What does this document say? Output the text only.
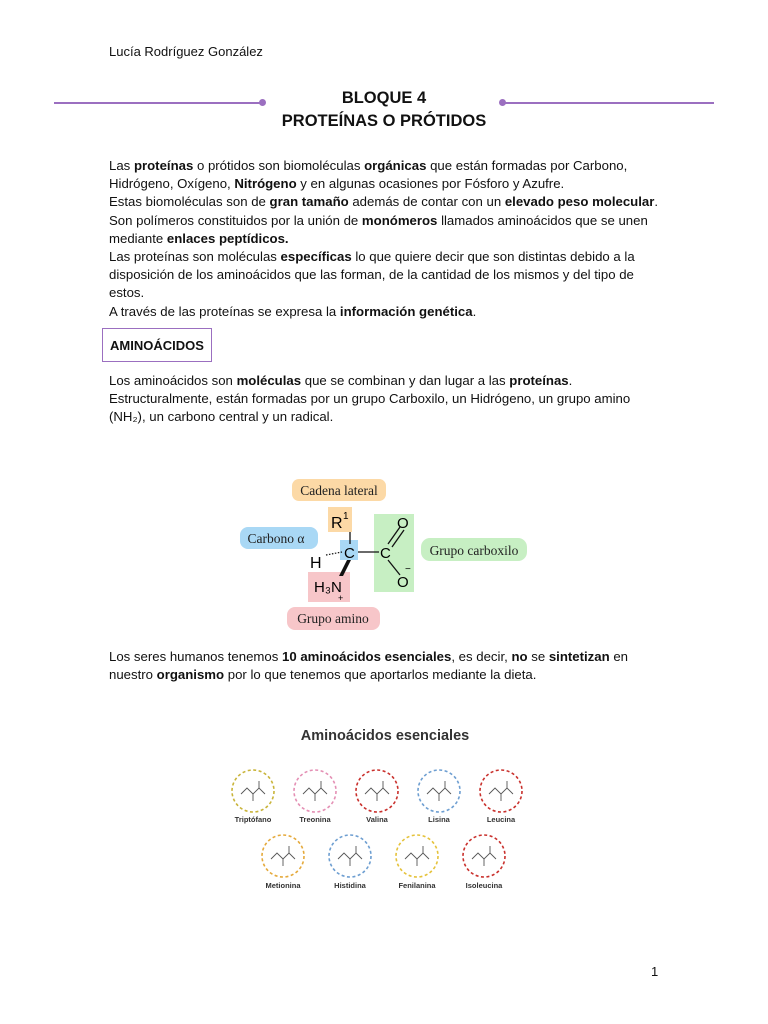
Lucía Rodríguez González
BLOQUE 4
PROTEÍNAS O PRÓTIDOS

Las proteínas o prótidos son biomoléculas orgánicas que están formadas por Carbono, Hidrógeno, Oxígeno, Nitrógeno y en algunas ocasiones por Fósforo y Azufre.

Estas biomoléculas son de gran tamaño además de contar con un elevado peso molecular. Son polímeros constituidos por la unión de monómeros llamados aminoácidos que se unen mediante enlaces peptídicos.

Las proteínas son moléculas específicas lo que quiere decir que son distintas debido a la disposición de los aminoácidos que las forman, de la cantidad de los mismos y del tipo de estos.

A través de las proteínas se expresa la información genética.

AMINOÁCIDOS

Los aminoácidos son moléculas que se combinan y dan lugar a las proteínas. Estructuralmente, están formadas por un grupo Carboxilo, un Hidrógeno, un grupo amino (NH₂), un carbono central y un radical.

Cadena lateral
Carbono α
Grupo carboxilo
Grupo amino
R 1
H
C C
O
O
−
H₃N
+

Los seres humanos tenemos 10 aminoácidos esenciales, es decir, no se sintetizan en nuestro organismo por lo que tenemos que aportarlos mediante la dieta.

Aminoácidos esenciales
Triptófano	Treonina	Valina	Lisina	Leucina
Metionina	Histidina	Fenilanina	Isoleucina
1
